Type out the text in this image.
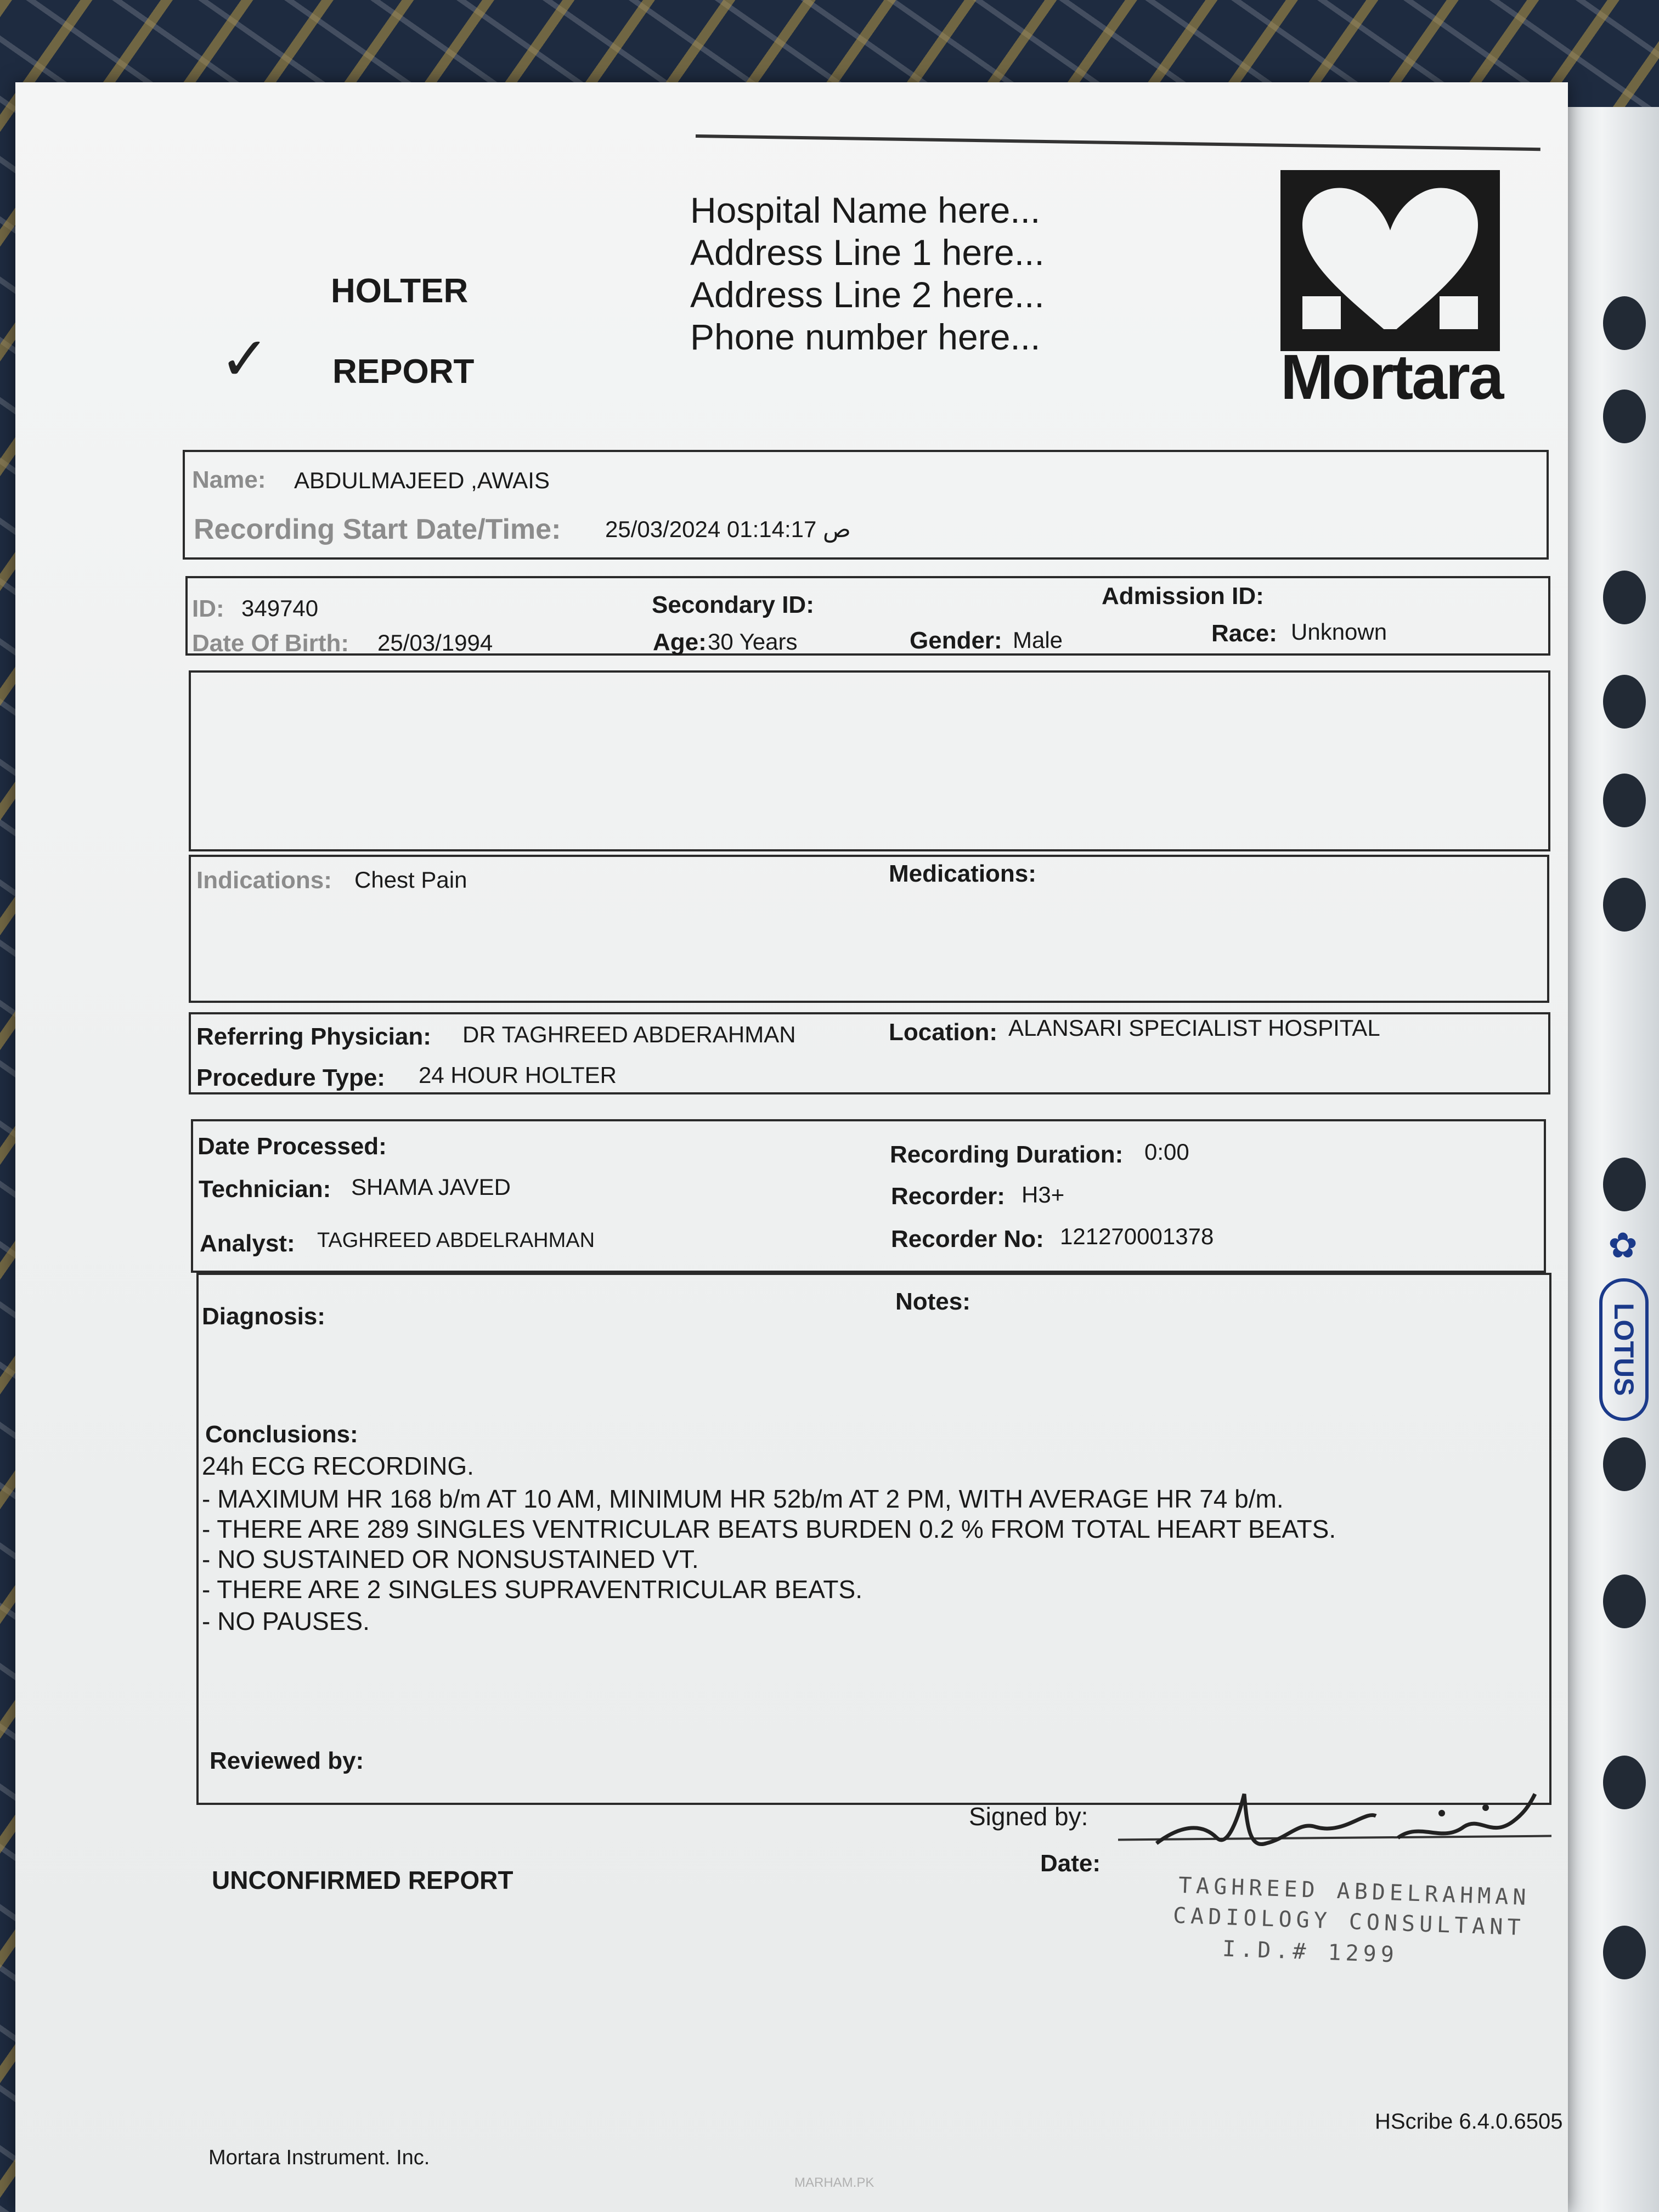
✿
LOTUS
Hospital Name here...
Address Line 1 here...
Address Line 2 here...
Phone number here...
HOLTER
REPORT
✓	Mortara
Name: ABDULMAJEED ,AWAIS
Recording Start Date/Time: 25/03/2024 01:14:17 ص
ID: 349740	Secondary ID:	Admission ID:
Date Of Birth: 25/03/1994	Age: 30 Years	Gender: Male	Race: Unknown
Indications: Chest Pain	Medications:
Referring Physician: DR TAGHREED ABDERAHMAN	Location: ALANSARI SPECIALIST HOSPITAL
Procedure Type: 24 HOUR HOLTER
Date Processed:	Recording Duration: 0:00
Technician: SHAMA JAVED	Recorder: H3+
Analyst: TAGHREED ABDELRAHMAN	Recorder No: 121270001378
Diagnosis:
Notes:
Conclusions:
24h ECG RECORDING.
- MAXIMUM HR 168 b/m AT 10 AM, MINIMUM HR 52b/m AT 2 PM, WITH AVERAGE HR 74 b/m.
- THERE ARE 289 SINGLES VENTRICULAR BEATS BURDEN 0.2 % FROM TOTAL HEART BEATS.
- NO SUSTAINED OR NONSUSTAINED VT.
- THERE ARE 2 SINGLES SUPRAVENTRICULAR BEATS.
- NO PAUSES.
Reviewed by:
Signed by:
Date:
UNCONFIRMED REPORT	TAGHREED ABDELRAHMAN
CADIOLOGY CONSULTANT
I.D.# 1299
HScribe 6.4.0.6505
Mortara Instrument. Inc.
MARHAM.PK
